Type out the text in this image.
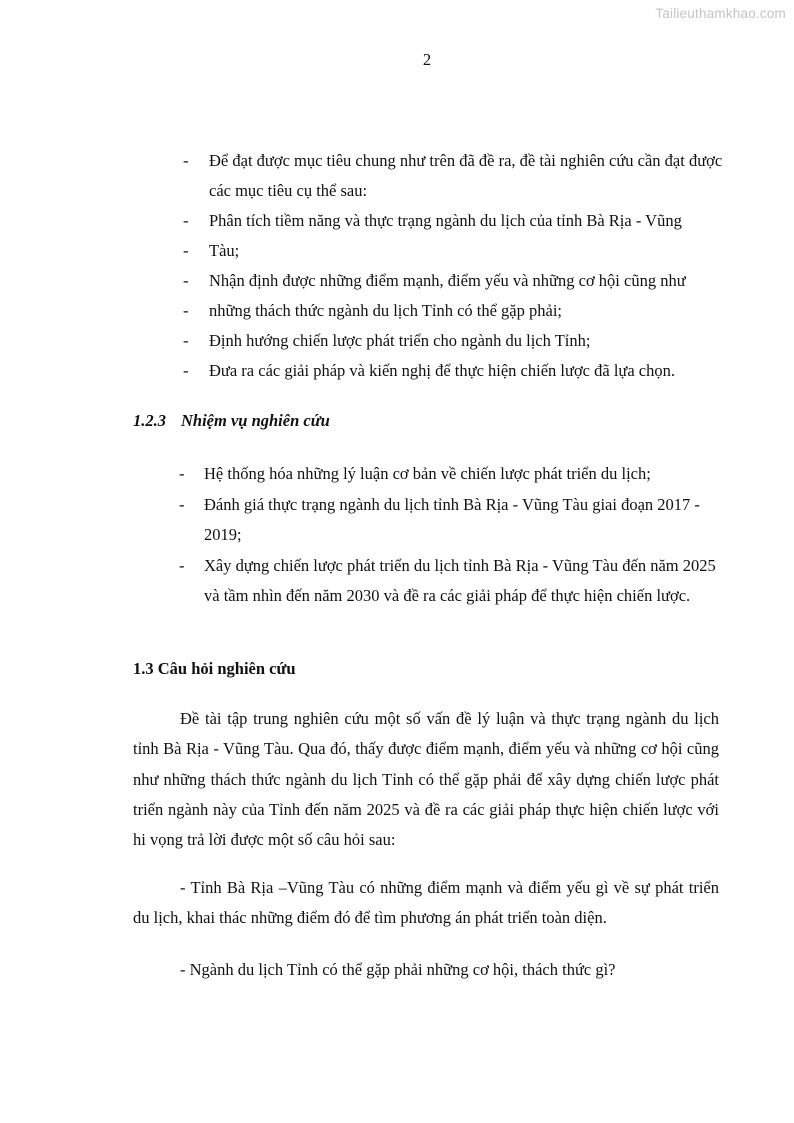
Tailieuthamkhao.com
2
- Để đạt được mục tiêu chung như trên đã đề ra, đề tài nghiên cứu cần đạt được các mục tiêu cụ thể sau:
- Phân tích tiềm năng và thực trạng ngành du lịch của tỉnh Bà Rịa - Vũng
- Tàu;
- Nhận định được những điểm mạnh, điểm yếu và những cơ hội cũng như
- những thách thức ngành du lịch Tỉnh có thể gặp phải;
- Định hướng chiến lược phát triển cho ngành du lịch Tỉnh;
- Đưa ra các giải pháp và kiến nghị để thực hiện chiến lược đã lựa chọn.
1.2.3 Nhiệm vụ nghiên cứu
- Hệ thống hóa những lý luận cơ bản về chiến lược phát triển du lịch;
- Đánh giá thực trạng ngành du lịch tỉnh Bà Rịa - Vũng Tàu giai đoạn 2017 - 2019;
- Xây dựng chiến lược phát triển du lịch tỉnh Bà Rịa - Vũng Tàu đến năm 2025 và tầm nhìn đến năm 2030 và đề ra các giải pháp để thực hiện chiến lược.
1.3 Câu hỏi nghiên cứu

Đề tài tập trung nghiên cứu một số vấn đề lý luận và thực trạng ngành du lịch tỉnh Bà Rịa - Vũng Tàu. Qua đó, thấy được điểm mạnh, điểm yếu và những cơ hội cũng như những thách thức ngành du lịch Tỉnh có thể gặp phải để xây dựng chiến lược phát triển ngành này của Tỉnh đến năm 2025 và đề ra các giải pháp thực hiện chiến lược với hi vọng trả lời được một số câu hỏi sau:

- Tỉnh Bà Rịa –Vũng Tàu có những điểm mạnh và điểm yếu gì về sự phát triển du lịch, khai thác những điểm đó để tìm phương án phát triển toàn diện.

- Ngành du lịch Tỉnh có thể gặp phải những cơ hội, thách thức gì?
